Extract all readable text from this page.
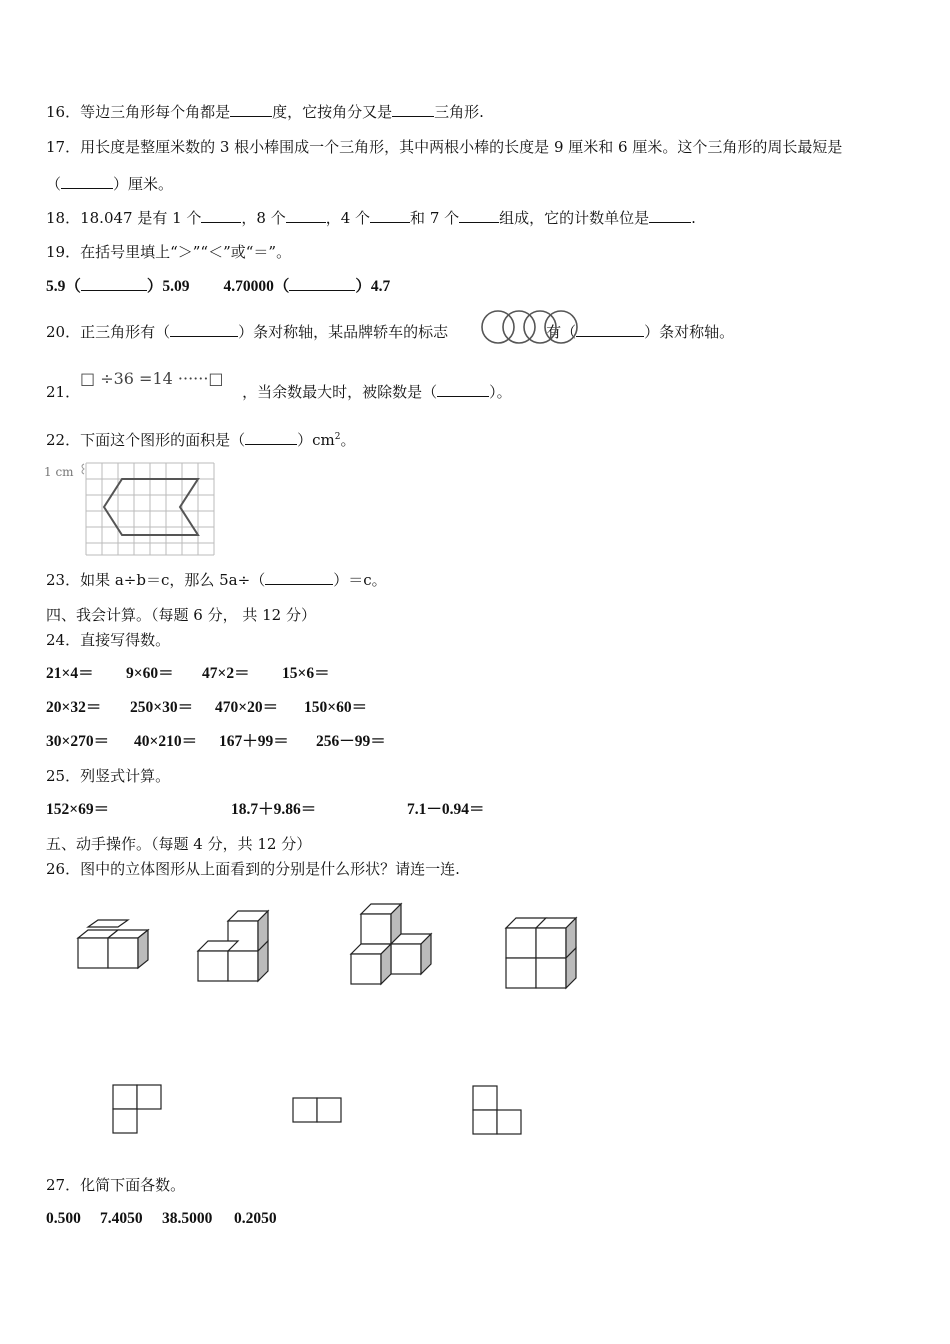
16．等边三角形每个角都是	度，它按角分又是	三角形.
17．用长度是整厘米数的 3 根小棒围成一个三角形，其中两根小棒的长度是 9 厘米和 6 厘米。这个三角形的周长最短是
（	）厘米。
18．18.047 是有 1 个	，8 个	，4 个	和 7 个	组成，它的计数单位是	.
19．在括号里填上“＞”“＜”或“＝”。
5.9（	）5.09 4.70000（	）4.7
20．正三角形有（	）条对称轴，某品牌轿车的标志	有（	）条对称轴。
□ ÷36 =14 ······□
21．	，当余数最大时，被除数是（	）。
22．下面这个图形的面积是（	）$cm^2$。
1 cm
23．如果 a÷b＝c，那么 5a÷（	）＝c。
四、我会计算。（每题 6 分， 共 12 分）
24．直接写得数。
21×4＝ 9×60＝ 47×2＝ 15×6＝
20×32＝ 250×30＝ 470×20＝ 150×60＝
30×270＝ 40×210＝ 167＋99＝ 256－99＝
25．列竖式计算。
152×69＝	18.7＋9.86＝	7.1－0.94＝
五、动手操作。（每题 4 分，共 12 分）
26．图中的立体图形从上面看到的分别是什么形状？请连一连.
27．化简下面各数。
0.500 7.4050 38.5000 0.2050
